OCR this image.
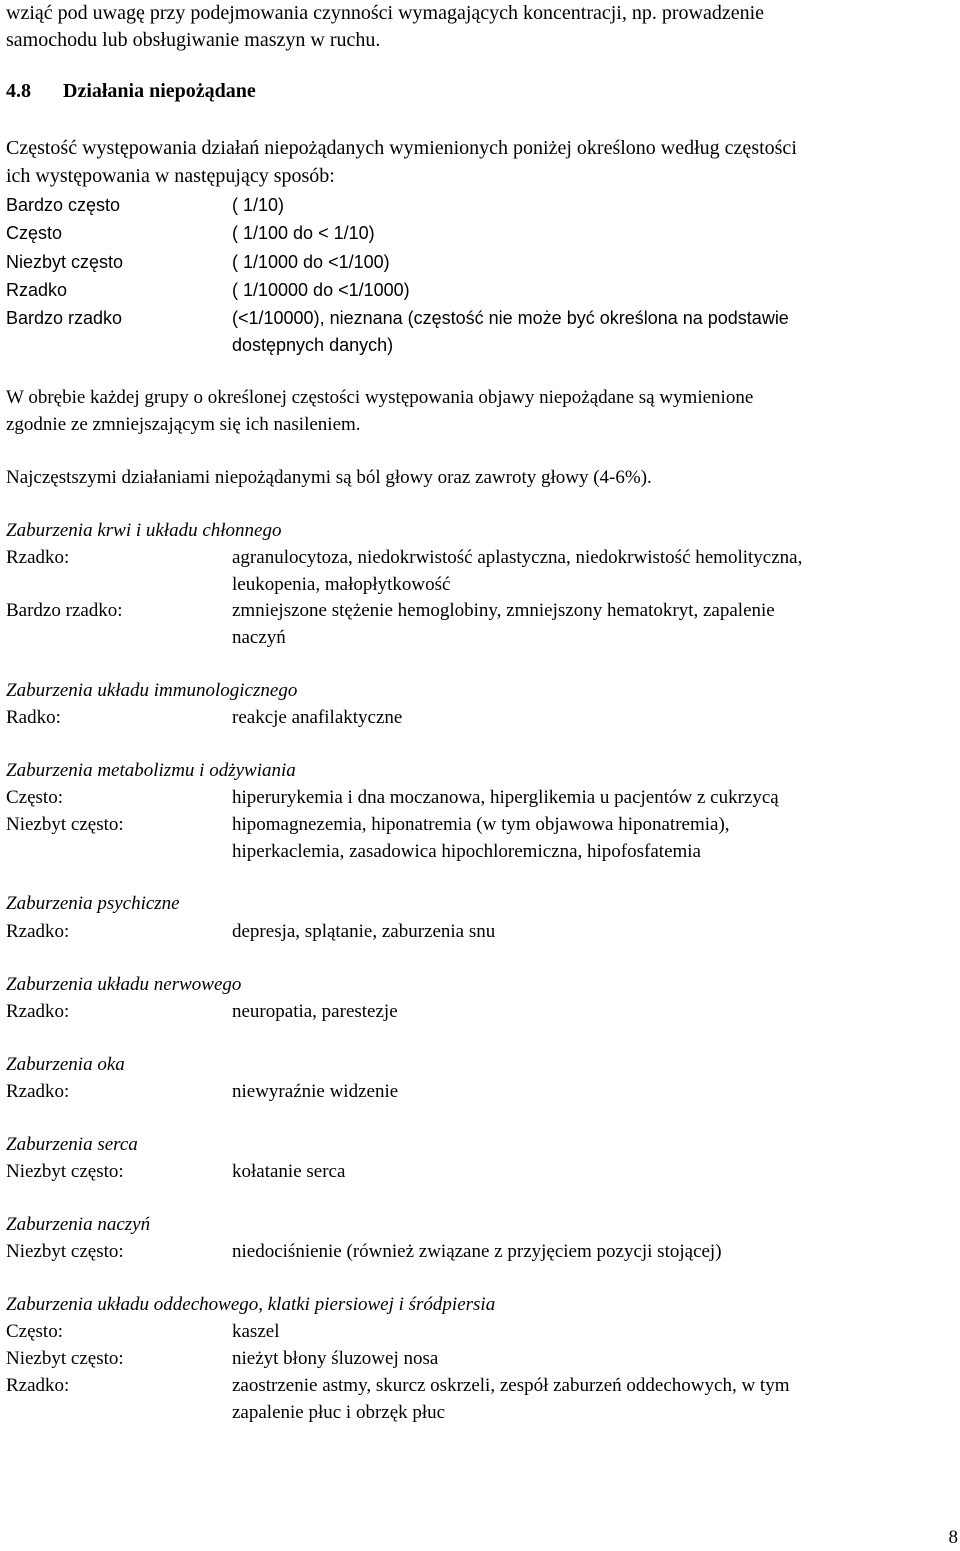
wziąć pod uwagę przy podejmowania czynności wymagających koncentracji, np. prowadzenie
samochodu lub obsługiwanie maszyn w ruchu.
4.8 Działania niepożądane
Częstość występowania działań niepożądanych wymienionych poniżej określono według częstości
ich występowania w następujący sposób:
Bardzo często	( 1/10)
Często	( 1/100 do < 1/10)
Niezbyt często	( 1/1000 do <1/100)
Rzadko	( 1/10000 do <1/1000)
Bardzo rzadko	(<1/10000), nieznana (częstość nie może być określona na podstawie
dostępnych danych)
W obrębie każdej grupy o określonej częstości występowania objawy niepożądane są wymienione
zgodnie ze zmniejszającym się ich nasileniem.
Najczęstszymi działaniami niepożądanymi są ból głowy oraz zawroty głowy (4-6%).
Zaburzenia krwi i układu chłonnego
Rzadko:	agranulocytoza, niedokrwistość aplastyczna, niedokrwistość hemolityczna,
leukopenia, małopłytkowość
Bardzo rzadko:	zmniejszone stężenie hemoglobiny, zmniejszony hematokryt, zapalenie
naczyń
Zaburzenia układu immunologicznego
Radko:	reakcje anafilaktyczne
Zaburzenia metabolizmu i odżywiania
Często:	hiperurykemia i dna moczanowa, hiperglikemia u pacjentów z cukrzycą
Niezbyt często:	hipomagnezemia, hiponatremia (w tym objawowa hiponatremia),
hiperkaclemia, zasadowica hipochloremiczna, hipofosfatemia
Zaburzenia psychiczne
Rzadko:	depresja, splątanie, zaburzenia snu
Zaburzenia układu nerwowego
Rzadko:	neuropatia, parestezje
Zaburzenia oka
Rzadko:	niewyraźnie widzenie
Zaburzenia serca
Niezbyt często:	kołatanie serca
Zaburzenia naczyń
Niezbyt często:	niedociśnienie (również związane z przyjęciem pozycji stojącej)
Zaburzenia układu oddechowego, klatki piersiowej i śródpiersia
Często:	kaszel
Niezbyt często:	nieżyt błony śluzowej nosa
Rzadko:	zaostrzenie astmy, skurcz oskrzeli, zespół zaburzeń oddechowych, w tym
zapalenie płuc i obrzęk płuc
8
